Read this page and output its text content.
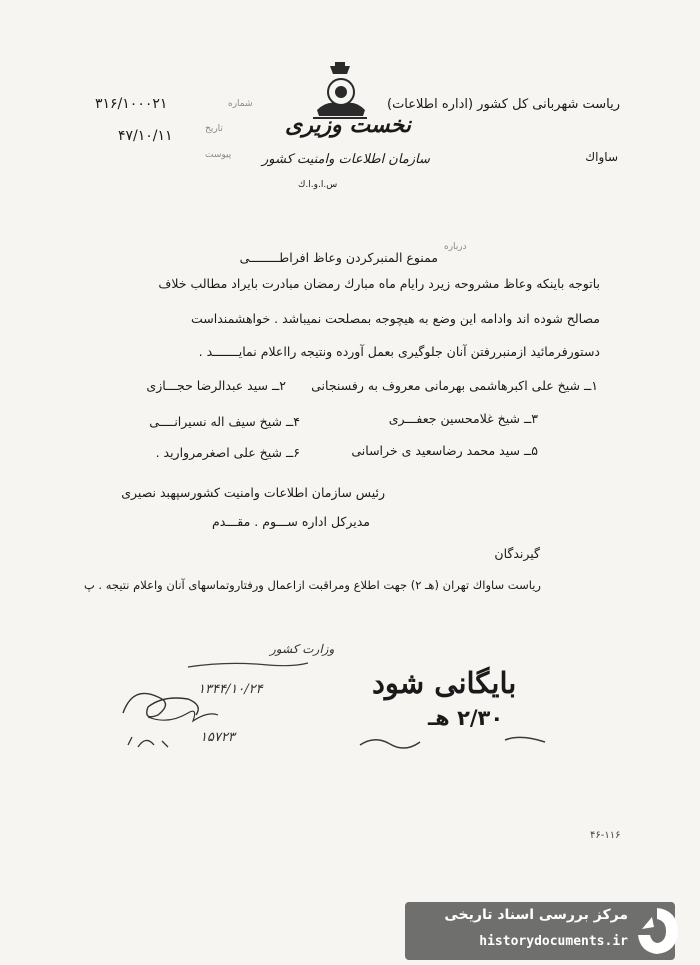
نخست وزیری
سازمان اطلاعات وامنیت کشور
س.ا.و.ا.ك
ریاست شهربانی کل کشور (اداره اطلاعات)
ساواك
شماره
۳۱۶/۱۰۰۰۲۱
تاریخ
۴۷/۱۰/۱۱
پیوست
درباره
ممنوع المنبرکردن وعاظ افراطــــــــی
باتوجه باینکه وعاظ مشروحه زیرد رایام ماه مبارك رمضان مبادرت بایراد مطالب خلاف
مصالح شوده اند وادامه این وضع به هیچوجه بمصلحت نمیباشد . خواهشمنداست
دستورفرمائید ازمنبررفتن آنان جلوگیری بعمل آورده ونتیجه رااعلام نمایـــــــد .
۱ــ شیخ علی اکبرهاشمی بهرمانی معروف به رفسنجانی
۲ــ سید عبدالرضا حجـــازی
۳ــ شیخ غلامحسین جعفـــری
۴ــ شیخ سیف اله نسیرانــــی
۵ــ سید محمد رضاسعید ی خراسانی
۶ــ شیخ علی اصغرمروارید .
رئیس سازمان اطلاعات وامنیت کشورسپهبد نصیری
مدیرکل اداره ســـوم . مقـــدم
گیرندگان
ریاست ساواك تهران (هـ ۲) جهت اطلاع ومراقبت ازاعمال ورفتاروتماسهای آنان واعلام نتیجه . پ
بایگانی شود
۲/۳۰ هـ
وزارت کشور
۱۳۴۴/۱۰/۲۴
۱۵۷۲۳
۴۶-۱۱۶
مرکز بررسی اسناد تاریخی
historydocuments.ir
